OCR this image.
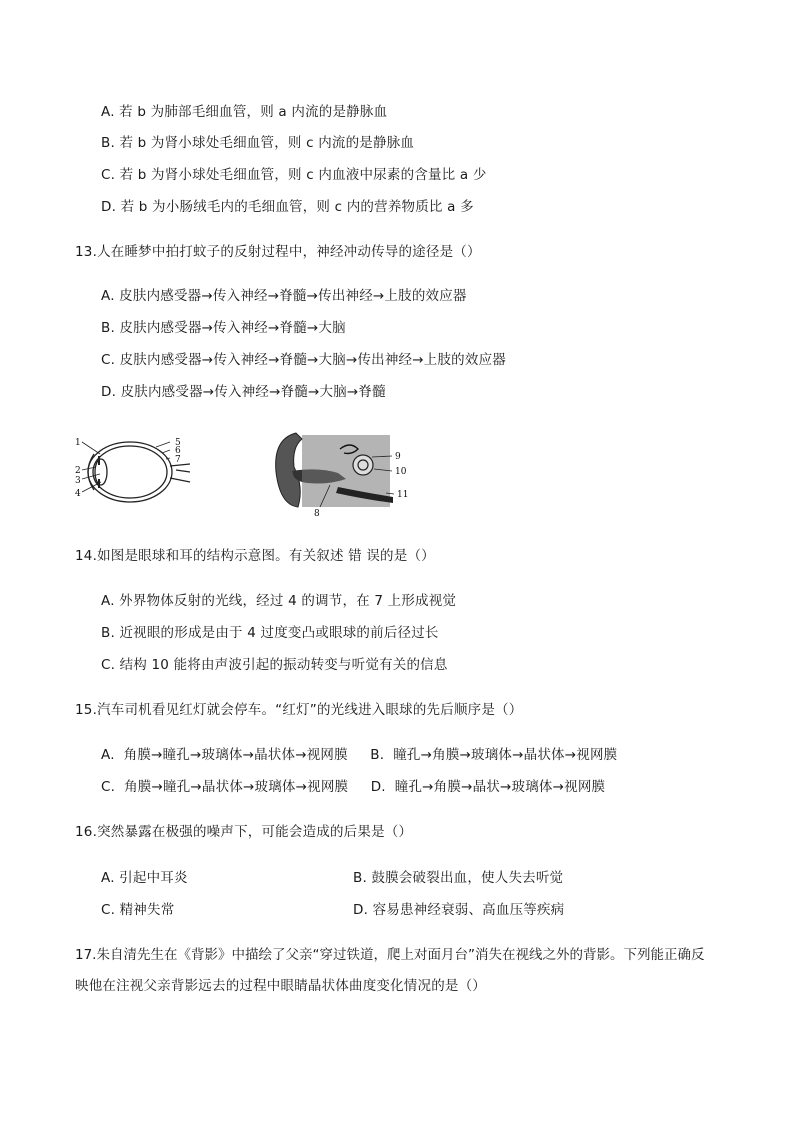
A. 若 b 为肺部毛细血管，则 a 内流的是静脉血
B. 若 b 为肾小球处毛细血管，则 c 内流的是静脉血
C. 若 b 为肾小球处毛细血管，则 c 内血液中尿素的含量比 a 少
D. 若 b 为小肠绒毛内的毛细血管，则 c 内的营养物质比 a 多
13.人在睡梦中拍打蚊子的反射过程中，神经冲动传导的途径是（）
A. 皮肤内感受器→传入神经→脊髓→传出神经→上肢的效应器
B. 皮肤内感受器→传入神经→脊髓→大脑
C. 皮肤内感受器→传入神经→脊髓→大脑→传出神经→上肢的效应器
D. 皮肤内感受器→传入神经→脊髓→大脑→脊髓
1
2
3
4
5
6
7	9
10
11
8
14.如图是眼球和耳的结构示意图。有关叙述 错 误的是（）
A. 外界物体反射的光线，经过 4 的调节，在 7 上形成视觉
B. 近视眼的形成是由于 4 过度变凸或眼球的前后径过长
C. 结构 10 能将由声波引起的振动转变与听觉有关的信息
15.汽车司机看见红灯就会停车。“红灯”的光线进入眼球的先后顺序是（）
A.  角膜→瞳孔→玻璃体→晶状体→视网膜     B.  瞳孔→角膜→玻璃体→晶状体→视网膜
C.  角膜→瞳孔→晶状体→玻璃体→视网膜     D.  瞳孔→角膜→晶状→玻璃体→视网膜
16.突然暴露在极强的噪声下，可能会造成的后果是（）
A. 引起中耳炎	B. 鼓膜会破裂出血，使人失去听觉
C. 精神失常	D. 容易患神经衰弱、高血压等疾病
17.朱自清先生在《背影》中描绘了父亲“穿过铁道，爬上对面月台”消失在视线之外的背影。下列能正确反
映他在注视父亲背影远去的过程中眼睛晶状体曲度变化情况的是（）
